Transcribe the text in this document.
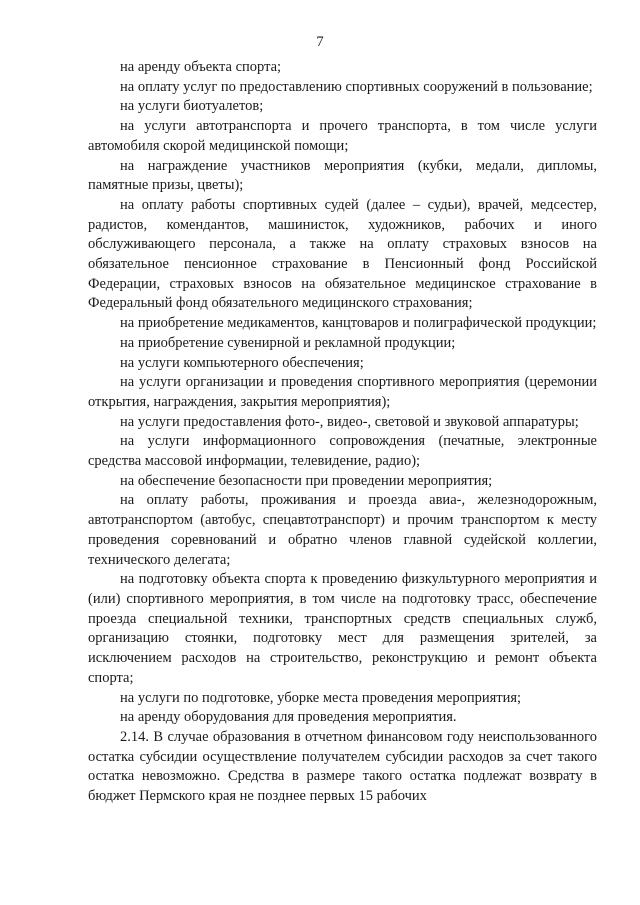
7

на аренду объекта спорта;

на оплату услуг по предоставлению спортивных сооружений в пользование;

на услуги биотуалетов;

на услуги автотранспорта и прочего транспорта, в том числе услуги автомобиля скорой медицинской помощи;

на награждение участников мероприятия (кубки, медали, дипломы, памятные призы, цветы);

на оплату работы спортивных судей (далее – судьи), врачей, медсестер, радистов, комендантов, машинисток, художников, рабочих и иного обслуживающего персонала, а также на оплату страховых взносов на обязательное пенсионное страхование в Пенсионный фонд Российской Федерации, страховых взносов на обязательное медицинское страхование в Федеральный фонд обязательного медицинского страхования;

на приобретение медикаментов, канцтоваров и полиграфической продукции;

на приобретение сувенирной и рекламной продукции;

на услуги компьютерного обеспечения;

на услуги организации и проведения спортивного мероприятия (церемонии открытия, награждения, закрытия мероприятия);

на услуги предоставления фото-, видео-, световой и звуковой аппаратуры;

на услуги информационного сопровождения (печатные, электронные средства массовой информации, телевидение, радио);

на обеспечение безопасности при проведении мероприятия;

на оплату работы, проживания и проезда авиа-, железнодорожным, автотранспортом (автобус, спецавтотранспорт) и прочим транспортом к месту проведения соревнований и обратно членов главной судейской коллегии, технического делегата;

на подготовку объекта спорта к проведению физкультурного мероприятия и (или) спортивного мероприятия, в том числе на подготовку трасс, обеспечение проезда специальной техники, транспортных средств специальных служб, организацию стоянки, подготовку мест для размещения зрителей, за исключением расходов на строительство, реконструкцию и ремонт объекта спорта;

на услуги по подготовке, уборке места проведения мероприятия;

на аренду оборудования для проведения мероприятия.

2.14. В случае образования в отчетном финансовом году неиспользованного остатка субсидии осуществление получателем субсидии расходов за счет такого остатка невозможно. Средства в размере такого остатка подлежат возврату в бюджет Пермского края не позднее первых 15 рабочих
